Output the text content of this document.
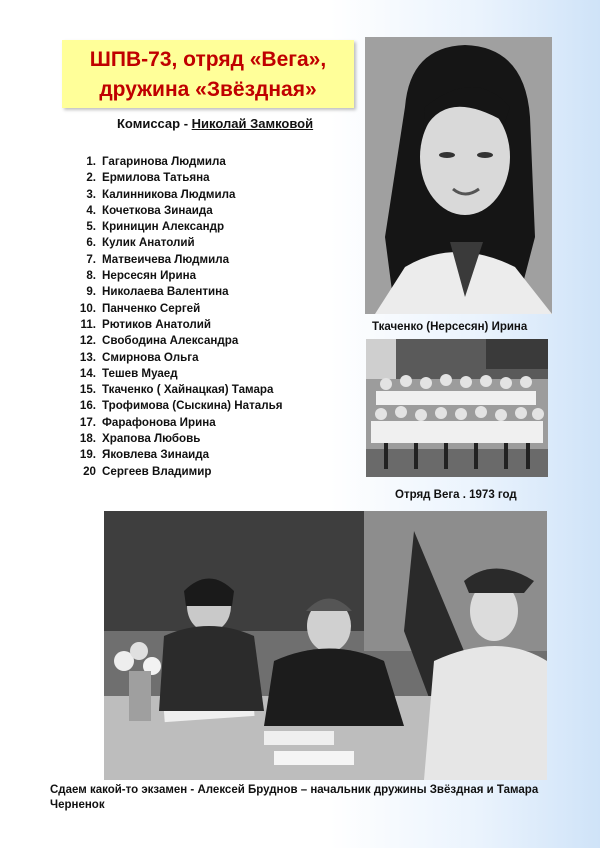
ШПВ-73, отряд «Вега»,
дружина «Звёздная»
Комиссар - Николай Замковой
1. Гагаринова Людмила
2. Ермилова Татьяна
3. Калинникова Людмила
4. Кочеткова Зинаида
5. Криницин Александр
6. Кулик Анатолий
7. Матвеичева Людмила
8. Нерсесян Ирина
9. Николаева Валентина
10. Панченко Сергей
11. Рютиков Анатолий
12. Свободина Александра
13. Смирнова Ольга
14. Тешев Муаед
15. Ткаченко ( Хайнацкая) Тамара
16. Трофимова (Сыскина) Наталья
17. Фарафонова Ирина
18. Храпова Любовь
19. Яковлева Зинаида
20 Сергеев Владимир
Ткаченко (Нерсесян) Ирина
Отряд Вега . 1973 год
Сдаем какой-то экзамен - Алексей Бруднов – начальник дружины Звёздная и Тамара Черненок
